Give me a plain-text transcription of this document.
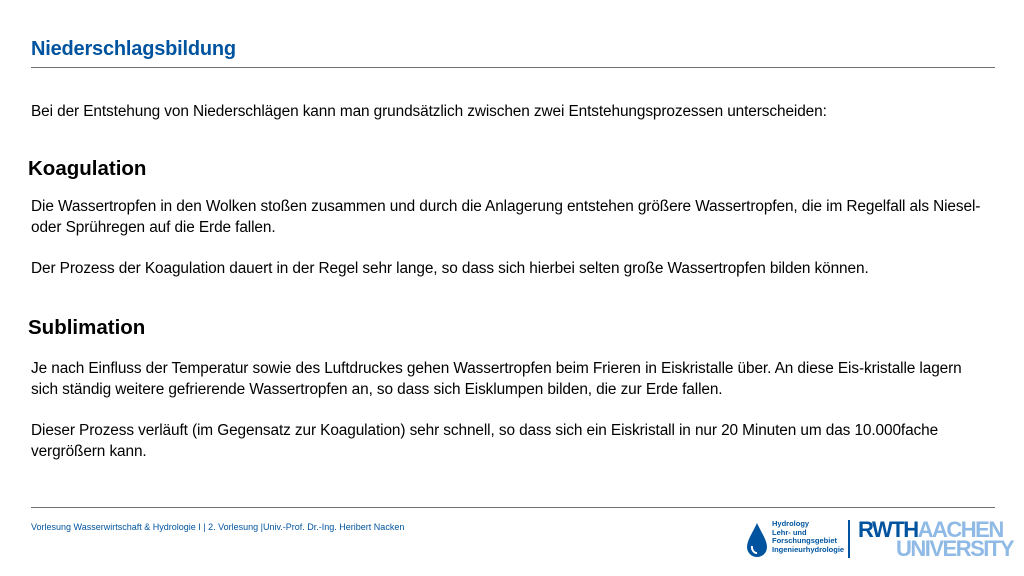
Niederschlagsbildung
Bei der Entstehung von Niederschlägen kann man grundsätzlich zwischen zwei Entstehungsprozessen unterscheiden:
Koagulation
Die Wassertropfen in den Wolken stoßen zusammen und durch die Anlagerung entstehen größere Wassertropfen, die im Regelfall als Niesel- oder Sprühregen auf die Erde fallen.
Der Prozess der Koagulation dauert in der Regel sehr lange, so dass sich hierbei selten große Wassertropfen bilden können.
Sublimation
Je nach Einfluss der Temperatur sowie des Luftdruckes gehen Wassertropfen beim Frieren in Eiskristalle über. An diese Eis-kristalle lagern sich ständig weitere gefrierende Wassertropfen an, so dass sich Eisklumpen bilden, die zur Erde fallen.
Dieser Prozess verläuft (im Gegensatz zur Koagulation) sehr schnell, so dass sich ein Eiskristall in nur 20 Minuten um das 10.000fache vergrößern kann.
Vorlesung Wasserwirtschaft & Hydrologie I | 2. Vorlesung |Univ.-Prof. Dr.-Ing. Heribert Nacken	Hydrology
Lehr- und
Forschungsgebiet
Ingenieurhydrologie
RWTHAACHEN
UNIVERSITY
